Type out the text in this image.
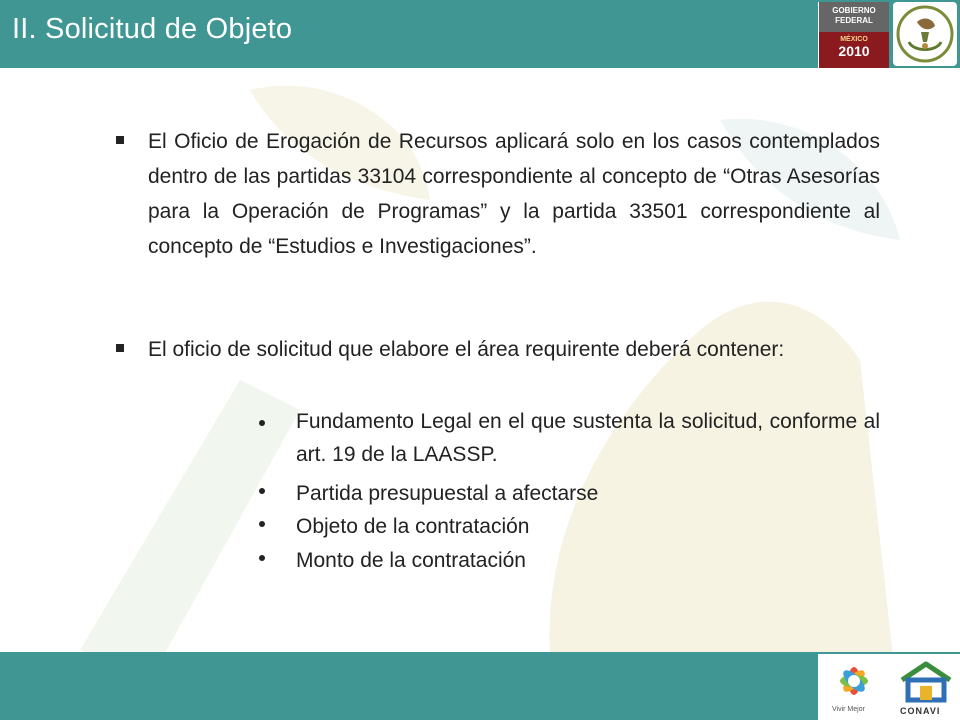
II. Solicitud de Objeto
GOBIERNO
FEDERAL
MÉXICO
2010

El Oficio de Erogación de Recursos aplicará solo en los casos contemplados dentro de las partidas 33104 correspondiente al concepto de “Otras Asesorías para la Operación de Programas” y la partida 33501 correspondiente al concepto de “Estudios e Investigaciones”.

El oficio de solicitud que elabore el área requirente deberá contener:

Fundamento Legal en el que sustenta la solicitud, conforme al art. 19 de la LAASSP.

Partida presupuestal a afectarse

Objeto de la contratación

Monto de la contratación

Vivir Mejor	CONAVI
